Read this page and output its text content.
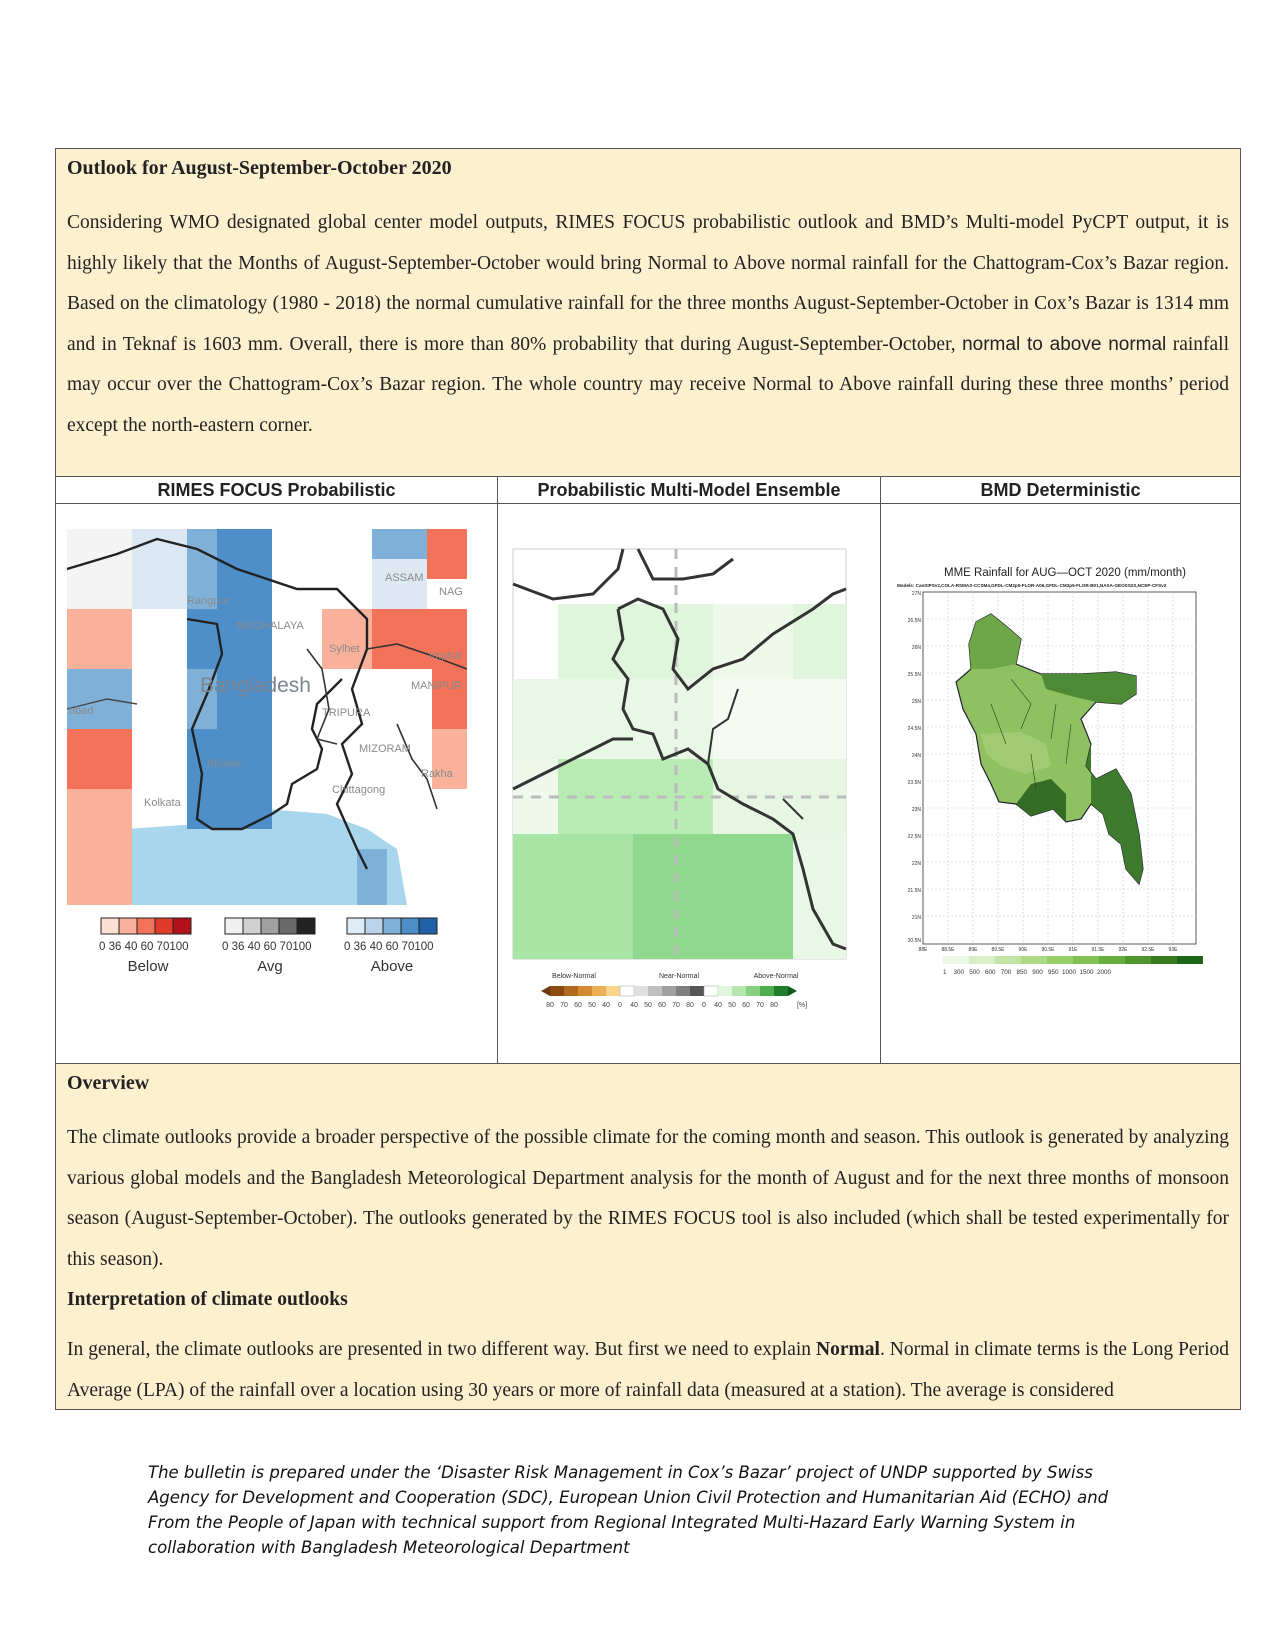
Outlook for August-September-October 2020

Considering WMO designated global center model outputs, RIMES FOCUS probabilistic outlook and BMD’s Multi-model PyCPT output, it is highly likely that the Months of August-September-October would bring Normal to Above normal rainfall for the Chattogram-Cox’s Bazar region. Based on the climatology (1980 - 2018) the normal cumulative rainfall for the three months August-September-October in Cox’s Bazar is 1314 mm and in Teknaf is 1603 mm. Overall, there is more than 80% probability that during August-September-October, normal to above normal rainfall may occur over the Chattogram-Cox’s Bazar region. The whole country may receive Normal to Above rainfall during these three months’ period except the north-eastern corner.

RIMES FOCUS Probabilistic
ASSAM
NAG
Rangpur
MEGHALAYA
Sylhet
Imphal
Bangladesh	MANIPUR
nbad	TRIPURA
MIZORAM
Khulna
Kolkata
Chittagong
Rakha
0 36 40 60 70100	0 36 40 60 70100	0 36 40 60 70100
Below	Avg	Above
Probabilistic Multi-Model Ensemble
Below-Normal	Near-Normal	Above-Normal
80 70 60 50 40 0 40 50 60 70 80 0 40 50 60 70 80	[%]
BMD Deterministic
MME Rainfall for AUG—OCT 2020 (mm/month)
Models: CanSIPSv2,COLA-RSMAS-CCSM4,GFDL-CM2p5-FLOR-A06,GFDL-CM2p5-FLOR-B01,NASA-GEOSS2S,NCEP-CFSv2
27N
26.5N
26N
25.5N
25N
24.5N
24N
23.5N
23N
22.5N
22N
21.5N
21N
20.5N
88E	88.5E	89E	89.5E	90E	90.5E	91E	91.5E	92E	92.5E	93E
1    300   500   600   700   850   900   950  1000  1500  2000

Overview

The climate outlooks provide a broader perspective of the possible climate for the coming month and season. This outlook is generated by analyzing various global models and the Bangladesh Meteorological Department analysis for the month of August and for the next three months of monsoon season (August-September-October). The outlooks generated by the RIMES FOCUS tool is also included (which shall be tested experimentally for this season).

Interpretation of climate outlooks

In general, the climate outlooks are presented in two different way. But first we need to explain Normal. Normal in climate terms is the Long Period Average (LPA) of the rainfall over a location using 30 years or more of rainfall data (measured at a station). The average is considered

The bulletin is prepared under the ‘Disaster Risk Management in Cox’s Bazar’ project of UNDP supported by Swiss Agency for Development and Cooperation (SDC), European Union Civil Protection and Humanitarian Aid (ECHO) and From the People of Japan with technical support from Regional Integrated Multi-Hazard Early Warning System in collaboration with Bangladesh Meteorological Department
